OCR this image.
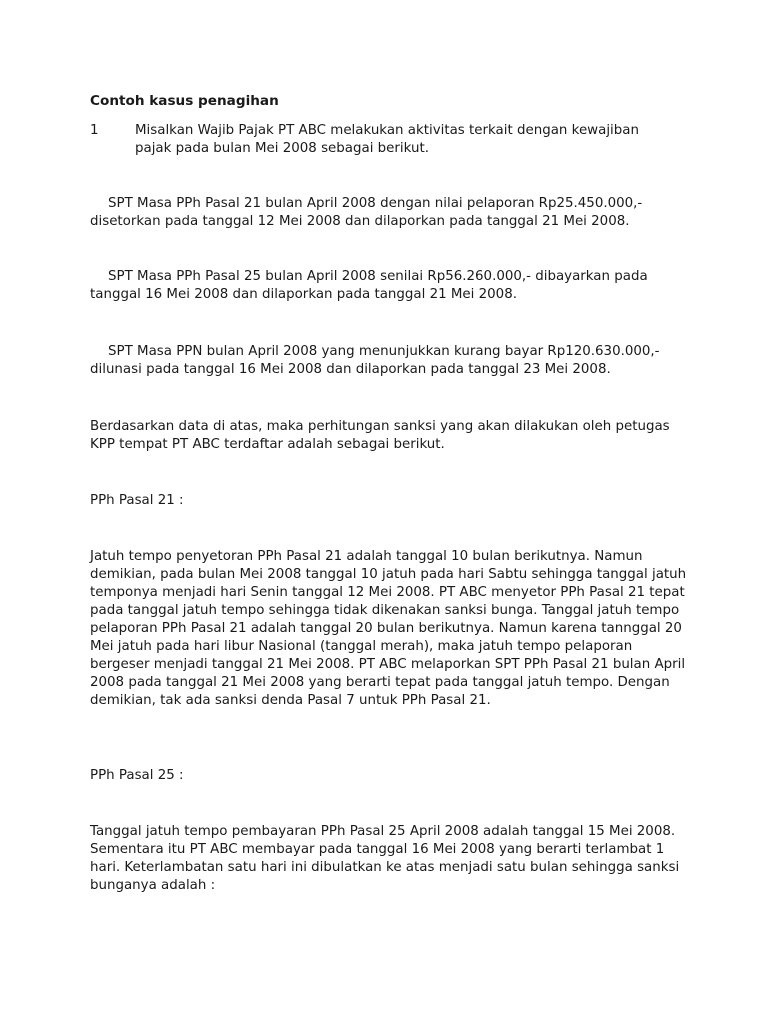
Contoh kasus penagihan
1	Misalkan Wajib Pajak PT ABC melakukan aktivitas terkait dengan kewajiban pajak pada bulan Mei 2008 sebagai berikut.
SPT Masa PPh Pasal 21 bulan April 2008 dengan nilai pelaporan Rp25.450.000,- disetorkan pada tanggal 12 Mei 2008 dan dilaporkan pada tanggal 21 Mei 2008.
SPT Masa PPh Pasal 25 bulan April 2008 senilai Rp56.260.000,- dibayarkan pada tanggal 16 Mei 2008 dan dilaporkan pada tanggal 21 Mei 2008.
SPT Masa PPN bulan April 2008 yang menunjukkan kurang bayar Rp120.630.000,- dilunasi pada tanggal 16 Mei 2008 dan dilaporkan pada tanggal 23 Mei 2008.
Berdasarkan data di atas, maka perhitungan sanksi yang akan dilakukan oleh petugas KPP tempat PT ABC terdaftar adalah sebagai berikut.
PPh Pasal 21 :
Jatuh tempo penyetoran PPh Pasal 21 adalah tanggal 10 bulan berikutnya. Namun demikian, pada bulan Mei 2008 tanggal 10 jatuh pada hari Sabtu sehingga tanggal jatuh temponya menjadi hari Senin tanggal 12 Mei 2008. PT ABC menyetor PPh Pasal 21 tepat pada tanggal jatuh tempo sehingga tidak dikenakan sanksi bunga. Tanggal jatuh tempo pelaporan PPh Pasal 21 adalah tanggal 20 bulan berikutnya. Namun karena tannggal 20 Mei jatuh pada hari libur Nasional (tanggal merah), maka jatuh tempo pelaporan bergeser menjadi tanggal 21 Mei 2008. PT ABC melaporkan SPT PPh Pasal 21 bulan April 2008 pada tanggal 21 Mei 2008 yang berarti tepat pada tanggal jatuh tempo. Dengan demikian, tak ada sanksi denda Pasal 7 untuk PPh Pasal 21.
PPh Pasal 25 :
Tanggal jatuh tempo pembayaran PPh Pasal 25 April 2008 adalah tanggal 15 Mei 2008. Sementara itu PT ABC membayar pada tanggal 16 Mei 2008 yang berarti terlambat 1 hari. Keterlambatan satu hari ini dibulatkan ke atas menjadi satu bulan sehingga sanksi bunganya adalah :
